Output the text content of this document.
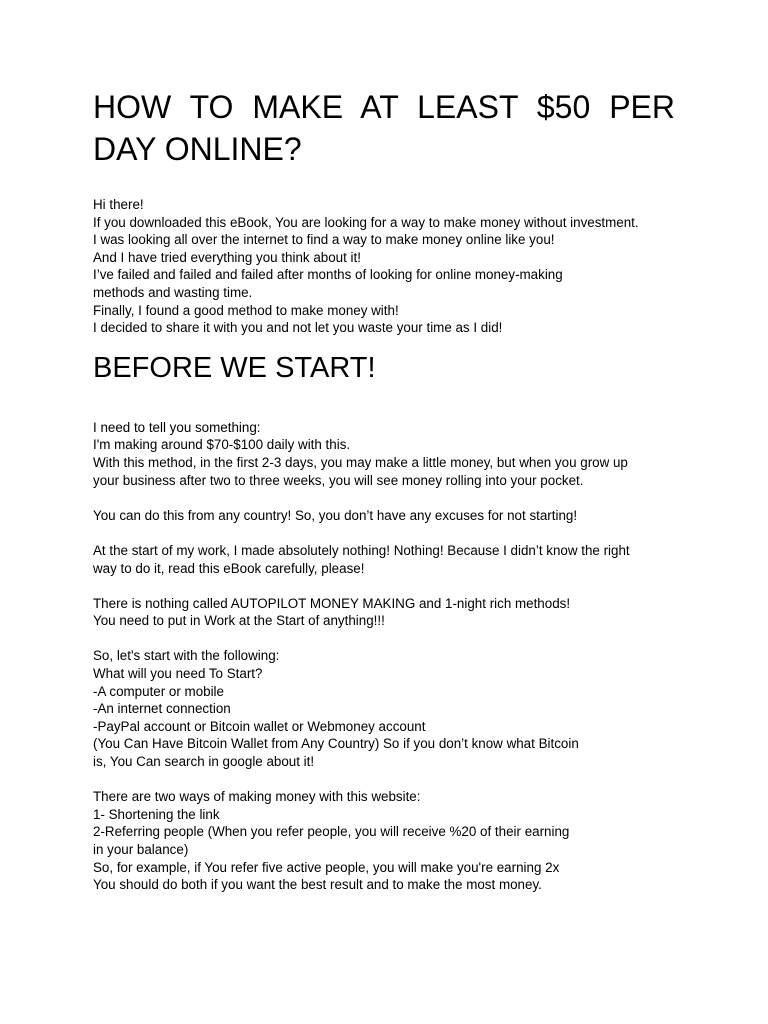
HOW TO MAKE AT LEAST $50 PER
DAY ONLINE?
Hi there!
If you downloaded this eBook, You are looking for a way to make money without investment.
I was looking all over the internet to find a way to make money online like you!
And I have tried everything you think about it!
I’ve failed and failed and failed after months of looking for online money-making
methods and wasting time.
Finally, I found a good method to make money with!
I decided to share it with you and not let you waste your time as I did!
BEFORE WE START!
I need to tell you something:
I'm making around $70-$100 daily with this.
With this method, in the first 2-3 days, you may make a little money, but when you grow up
your business after two to three weeks, you will see money rolling into your pocket.
You can do this from any country! So, you don’t have any excuses for not starting!
At the start of my work, I made absolutely nothing! Nothing! Because I didn’t know the right
way to do it, read this eBook carefully, please!
There is nothing called AUTOPILOT MONEY MAKING and 1-night rich methods!
You need to put in Work at the Start of anything!!!
So, let's start with the following:
What will you need To Start?
-A computer or mobile
-An internet connection
-PayPal account or Bitcoin wallet or Webmoney account
(You Can Have Bitcoin Wallet from Any Country) So if you don’t know what Bitcoin
is, You Can search in google about it!
There are two ways of making money with this website:
1- Shortening the link
2-Referring people (When you refer people, you will receive %20 of their earning
in your balance)
So, for example, if You refer five active people, you will make you're earning 2x
You should do both if you want the best result and to make the most money.
